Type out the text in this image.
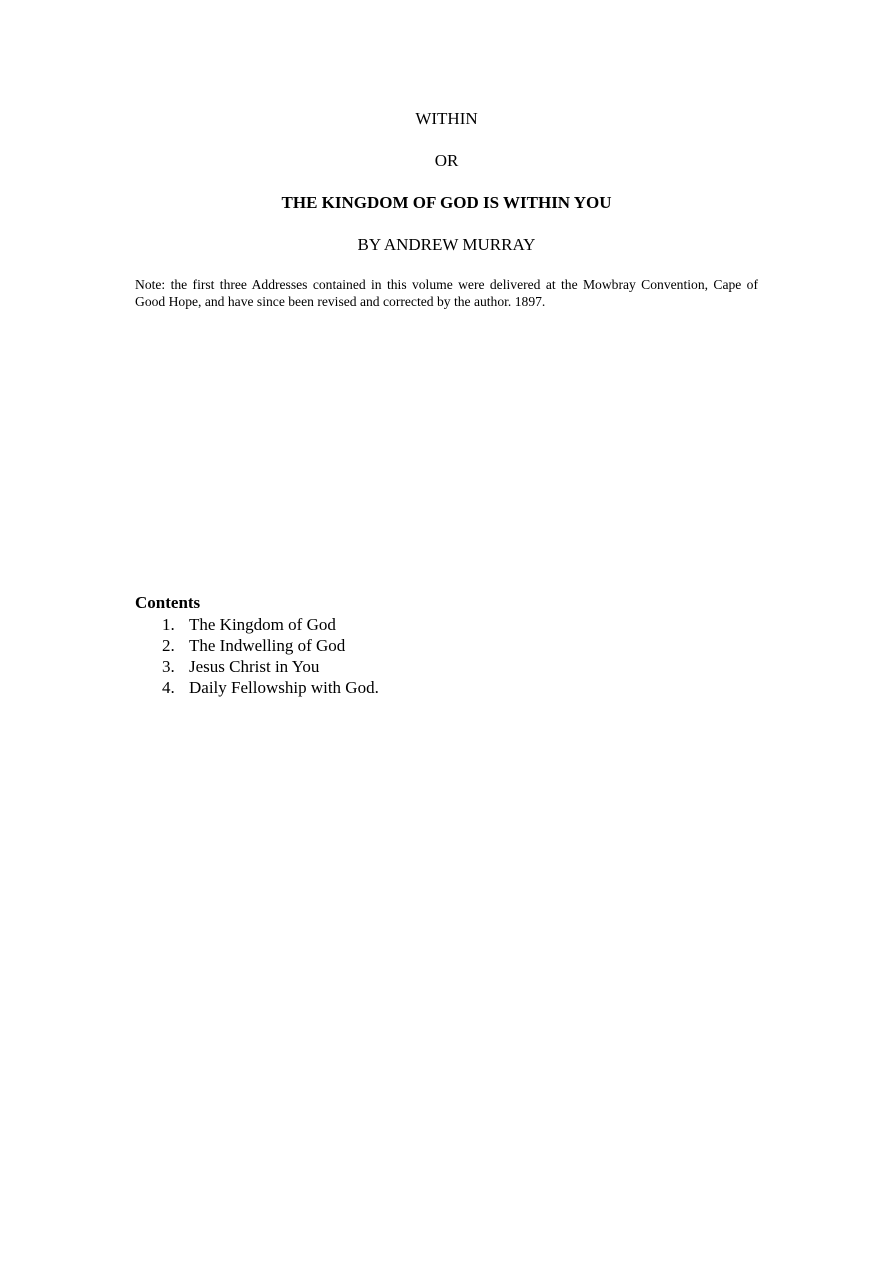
WITHIN
OR
THE KINGDOM OF GOD IS WITHIN YOU
BY ANDREW MURRAY
Note: the first three Addresses contained in this volume were delivered at the Mowbray Convention, Cape of Good Hope, and have since been revised and corrected by the author. 1897.
Contents
1. The Kingdom of God
2. The Indwelling of God
3. Jesus Christ in You
4. Daily Fellowship with God.
